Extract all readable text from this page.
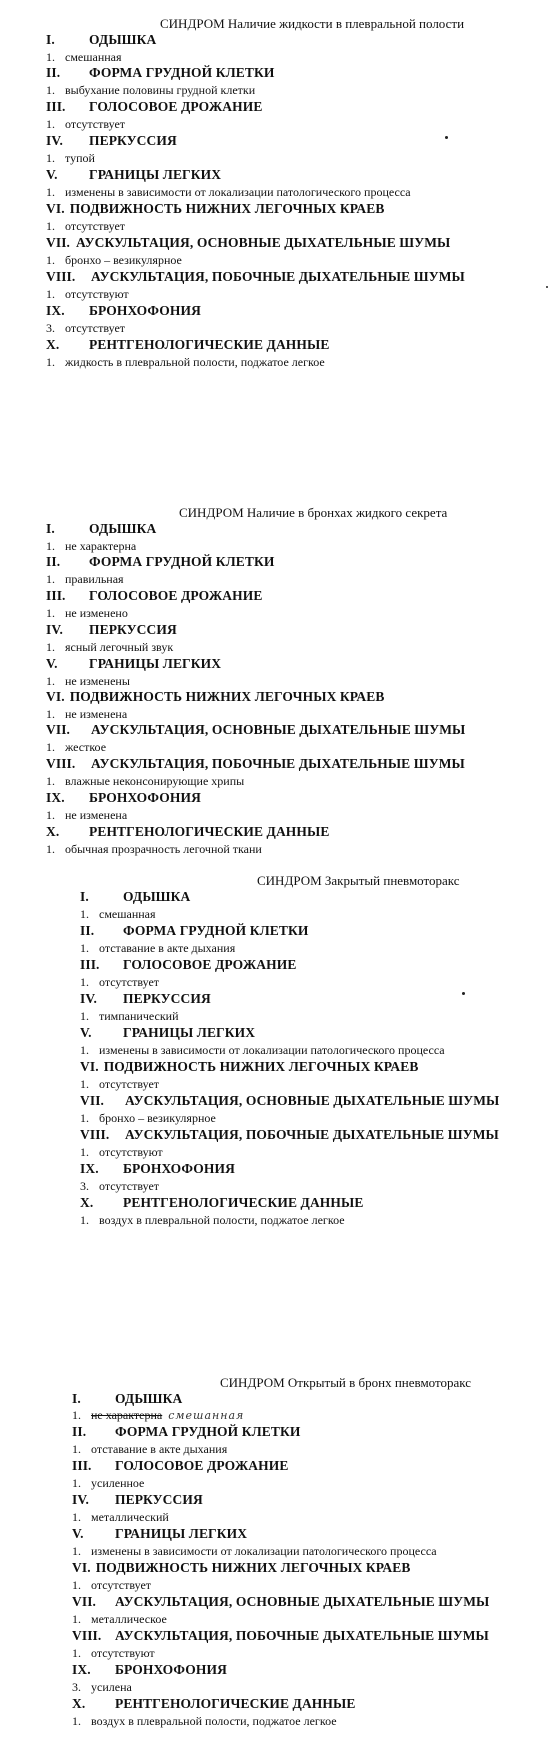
СИНДРОМ Наличие жидкости в плевральной полости
I.	ОДЫШКА
1. смешанная
II. ФОРМА ГРУДНОЙ КЛЕТКИ
1. выбухание половины грудной клетки
III. ГОЛОСОВОЕ ДРОЖАНИЕ
1. отсутствует
IV. ПЕРКУССИЯ
1. тупой
V. ГРАНИЦЫ ЛЕГКИХ
1. изменены в зависимости от локализации патологического процесса
VI. ПОДВИЖНОСТЬ НИЖНИХ ЛЕГОЧНЫХ КРАЕВ
1. отсутствует
VII. АУСКУЛЬТАЦИЯ, ОСНОВНЫЕ ДЫХАТЕЛЬНЫЕ ШУМЫ
1. бронхо – везикулярное
VIII. АУСКУЛЬТАЦИЯ, ПОБОЧНЫЕ ДЫХАТЕЛЬНЫЕ ШУМЫ
1. отсутствуют
IX. БРОНХОФОНИЯ
3. отсутствует
X. РЕНТГЕНОЛОГИЧЕСКИЕ ДАННЫЕ
1. жидкость в плевральной полости, поджатое легкое
СИНДРОМ Наличие в бронхах жидкого секрета
I.	ОДЫШКА
1. не характерна
II. ФОРМА ГРУДНОЙ КЛЕТКИ
1. правильная
III. ГОЛОСОВОЕ ДРОЖАНИЕ
1. не изменено
IV. ПЕРКУССИЯ
1. ясный легочный звук
V. ГРАНИЦЫ ЛЕГКИХ
1. не изменены
VI. ПОДВИЖНОСТЬ НИЖНИХ ЛЕГОЧНЫХ КРАЕВ
1. не изменена
VII. АУСКУЛЬТАЦИЯ, ОСНОВНЫЕ ДЫХАТЕЛЬНЫЕ ШУМЫ
1. жесткое
VIII. АУСКУЛЬТАЦИЯ, ПОБОЧНЫЕ ДЫХАТЕЛЬНЫЕ ШУМЫ
1. влажные неконсонирующие хрипы
IX. БРОНХОФОНИЯ
1. не изменена
X. РЕНТГЕНОЛОГИЧЕСКИЕ ДАННЫЕ
1. обычная прозрачность легочной ткани
СИНДРОМ Закрытый пневмоторакс
I.	ОДЫШКА
1. смешанная
II. ФОРМА ГРУДНОЙ КЛЕТКИ
1. отставание в акте дыхания
III. ГОЛОСОВОЕ ДРОЖАНИЕ
1. отсутствует
IV. ПЕРКУССИЯ
1. тимпанический
V. ГРАНИЦЫ ЛЕГКИХ
1. изменены в зависимости от локализации патологического процесса
VI. ПОДВИЖНОСТЬ НИЖНИХ ЛЕГОЧНЫХ КРАЕВ
1. отсутствует
VII. АУСКУЛЬТАЦИЯ, ОСНОВНЫЕ ДЫХАТЕЛЬНЫЕ ШУМЫ
1. бронхо – везикулярное
VIII. АУСКУЛЬТАЦИЯ, ПОБОЧНЫЕ ДЫХАТЕЛЬНЫЕ ШУМЫ
1. отсутствуют
IX. БРОНХОФОНИЯ
3. отсутствует
X. РЕНТГЕНОЛОГИЧЕСКИЕ ДАННЫЕ
1. воздух в плевральной полости, поджатое легкое
СИНДРОМ Открытый в бронх пневмоторакс
I.	ОДЫШКА
1. не характерна смешанная
II. ФОРМА ГРУДНОЙ КЛЕТКИ
1. отставание в акте дыхания
III. ГОЛОСОВОЕ ДРОЖАНИЕ
1. усиленное
IV. ПЕРКУССИЯ
1. металлический
V. ГРАНИЦЫ ЛЕГКИХ
1. изменены в зависимости от локализации патологического процесса
VI. ПОДВИЖНОСТЬ НИЖНИХ ЛЕГОЧНЫХ КРАЕВ
1. отсутствует
VII. АУСКУЛЬТАЦИЯ, ОСНОВНЫЕ ДЫХАТЕЛЬНЫЕ ШУМЫ
1. металлическое
VIII. АУСКУЛЬТАЦИЯ, ПОБОЧНЫЕ ДЫХАТЕЛЬНЫЕ ШУМЫ
1. отсутствуют
IX. БРОНХОФОНИЯ
3. усилена
X. РЕНТГЕНОЛОГИЧЕСКИЕ ДАННЫЕ
1. воздух в плевральной полости, поджатое легкое
